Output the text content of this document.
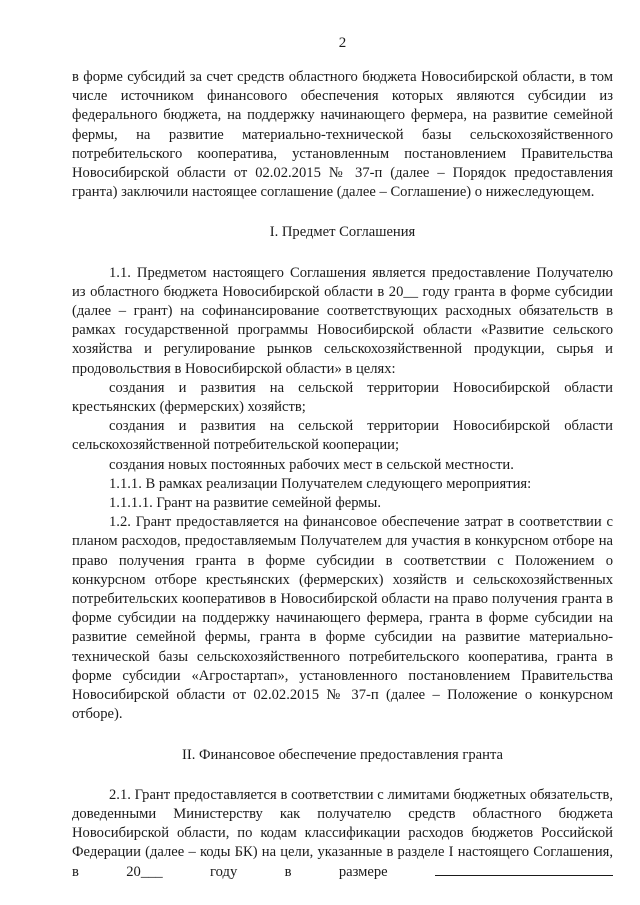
2

в форме субсидий за счет средств областного бюджета Новосибирской области, в том числе источником финансового обеспечения которых являются субсидии из федерального бюджета, на поддержку начинающего фермера, на развитие семейной фермы, на развитие материально-технической базы сельскохозяйственного потребительского кооператива, установленным постановлением Правительства Новосибирской области от 02.02.2015 № 37-п (далее – Порядок предоставления гранта) заключили настоящее соглашение (далее – Соглашение) о нижеследующем.

I. Предмет Соглашения

1.1. Предметом настоящего Соглашения является предоставление Получателю из областного бюджета Новосибирской области в 20__ году гранта в форме субсидии (далее – грант) на софинансирование соответствующих расходных обязательств в рамках государственной программы Новосибирской области «Развитие сельского хозяйства и регулирование рынков сельскохозяйственной продукции, сырья и продовольствия в Новосибирской области» в целях:

создания и развития на сельской территории Новосибирской области крестьянских (фермерских) хозяйств;

создания и развития на сельской территории Новосибирской области сельскохозяйственной потребительской кооперации;

создания новых постоянных рабочих мест в сельской местности.

1.1.1. В рамках реализации Получателем следующего мероприятия:

1.1.1.1. Грант на развитие семейной фермы.

1.2. Грант предоставляется на финансовое обеспечение затрат в соответствии с планом расходов, предоставляемым Получателем для участия в конкурсном отборе на право получения гранта в форме субсидии в соответствии с Положением о конкурсном отборе крестьянских (фермерских) хозяйств и сельскохозяйственных потребительских кооперативов в Новосибирской области на право получения гранта в форме субсидии на поддержку начинающего фермера, гранта в форме субсидии на развитие семейной фермы, гранта в форме субсидии на развитие материально-технической базы сельскохозяйственного потребительского кооператива, гранта в форме субсидии «Агростартап», установленного постановлением Правительства Новосибирской области от 02.02.2015 № 37-п (далее – Положение о конкурсном отборе).

II. Финансовое обеспечение предоставления гранта

2.1. Грант предоставляется в соответствии с лимитами бюджетных обязательств, доведенными Министерству как получателю средств областного бюджета Новосибирской области, по кодам классификации расходов бюджетов Российской Федерации (далее – коды БК) на цели, указанные в разделе I настоящего Соглашения, в 20___ году в размере
